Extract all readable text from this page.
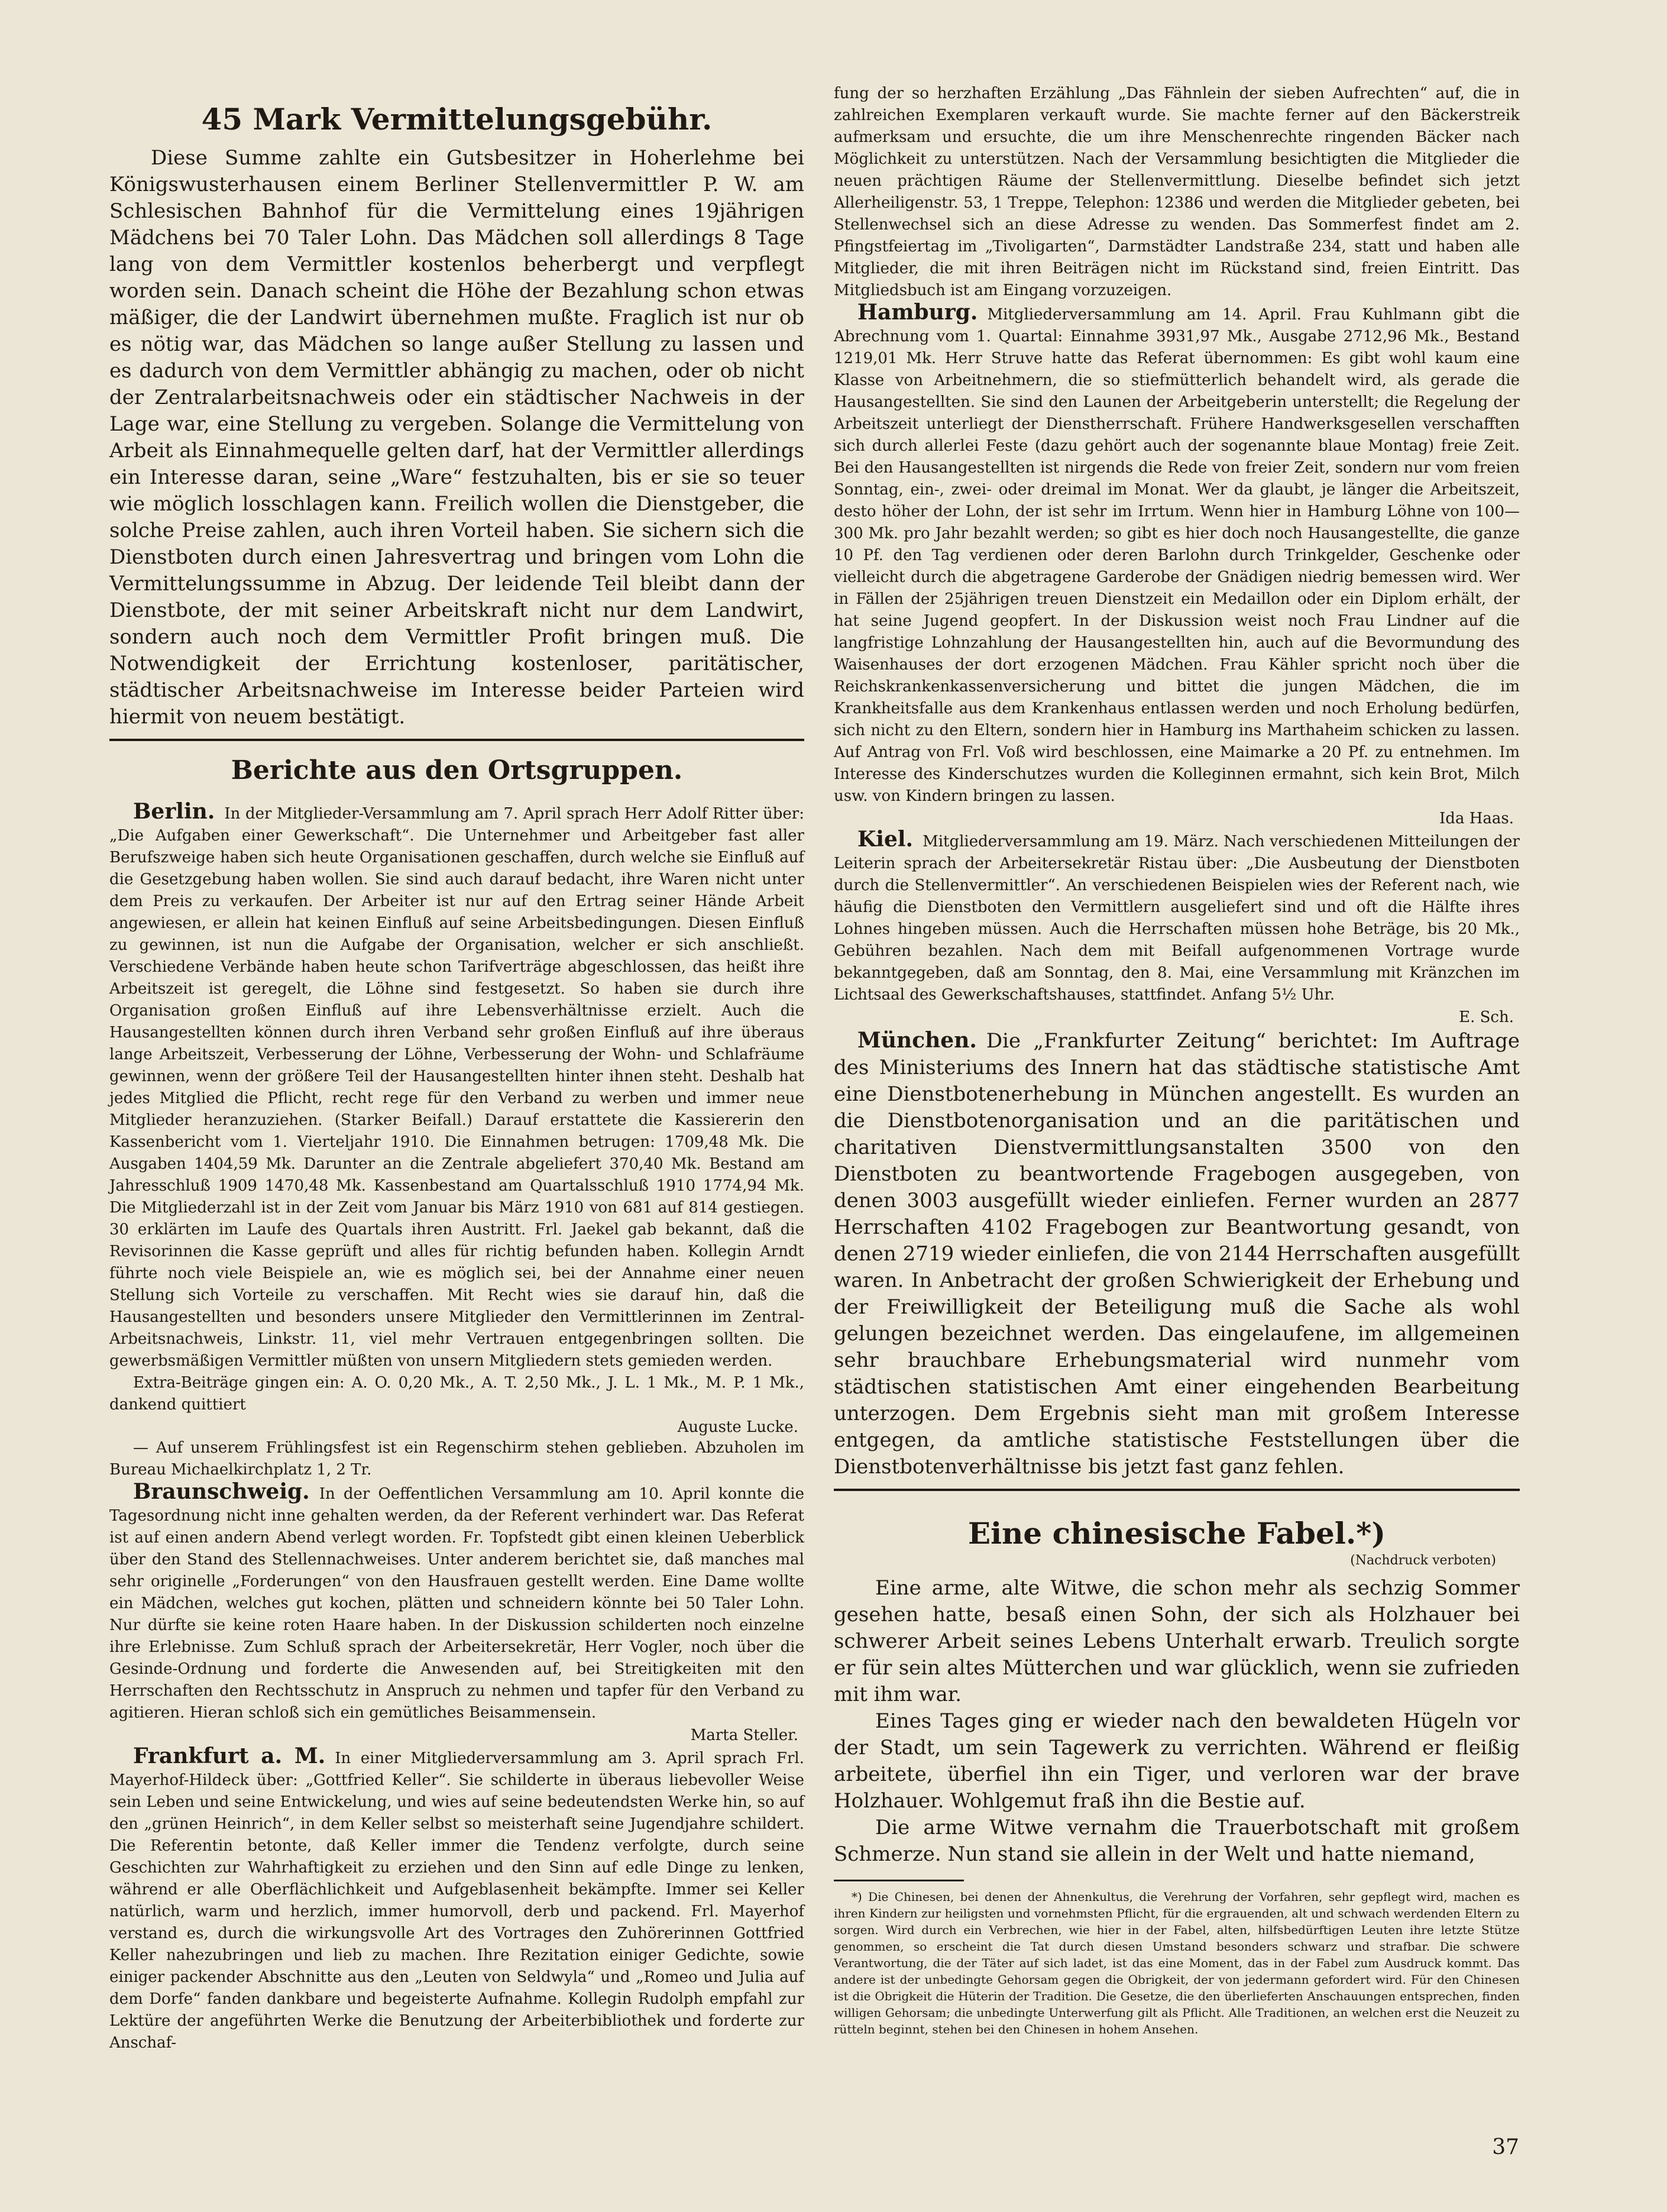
45 Mark Vermittelungsgebühr.

Diese Summe zahlte ein Gutsbesitzer in Hoherlehme bei Königswusterhausen einem Berliner Stellenvermittler P. W. am Schlesischen Bahnhof für die Vermittelung eines 19jährigen Mädchens bei 70 Taler Lohn. Das Mädchen soll allerdings 8 Tage lang von dem Vermittler kostenlos beherbergt und verpflegt worden sein. Danach scheint die Höhe der Bezahlung schon etwas mäßiger, die der Landwirt übernehmen mußte. Fraglich ist nur ob es nötig war, das Mädchen so lange außer Stellung zu lassen und es dadurch von dem Vermittler abhängig zu machen, oder ob nicht der Zentralarbeitsnachweis oder ein städtischer Nachweis in der Lage war, eine Stellung zu vergeben. Solange die Vermittelung von Arbeit als Einnahmequelle gelten darf, hat der Vermittler allerdings ein Interesse daran, seine „Ware“ festzuhalten, bis er sie so teuer wie möglich losschlagen kann. Freilich wollen die Dienstgeber, die solche Preise zahlen, auch ihren Vorteil haben. Sie sichern sich die Dienstboten durch einen Jahresvertrag und bringen vom Lohn die Vermittelungssumme in Abzug. Der leidende Teil bleibt dann der Dienstbote, der mit seiner Arbeitskraft nicht nur dem Landwirt, sondern auch noch dem Vermittler Profit bringen muß. Die Notwendigkeit der Errichtung kostenloser, paritätischer, städtischer Arbeitsnachweise im Interesse beider Parteien wird hiermit von neuem bestätigt.

Berichte aus den Ortsgruppen.

Berlin. In der Mitglieder-Versammlung am 7. April sprach Herr Adolf Ritter über: „Die Aufgaben einer Gewerkschaft“. Die Unternehmer und Arbeitgeber fast aller Berufszweige haben sich heute Organisationen geschaffen, durch welche sie Einfluß auf die Gesetzgebung haben wollen. Sie sind auch darauf bedacht, ihre Waren nicht unter dem Preis zu verkaufen. Der Arbeiter ist nur auf den Ertrag seiner Hände Arbeit angewiesen, er allein hat keinen Einfluß auf seine Arbeitsbedingungen. Diesen Einfluß zu gewinnen, ist nun die Aufgabe der Organisation, welcher er sich anschließt. Verschiedene Verbände haben heute schon Tarifverträge abgeschlossen, das heißt ihre Arbeitszeit ist geregelt, die Löhne sind festgesetzt. So haben sie durch ihre Organisation großen Einfluß auf ihre Lebensverhältnisse erzielt. Auch die Hausangestellten können durch ihren Verband sehr großen Einfluß auf ihre überaus lange Arbeitszeit, Verbesserung der Löhne, Verbesserung der Wohn- und Schlafräume gewinnen, wenn der größere Teil der Hausangestellten hinter ihnen steht. Deshalb hat jedes Mitglied die Pflicht, recht rege für den Verband zu werben und immer neue Mitglieder heranzuziehen. (Starker Beifall.) Darauf erstattete die Kassiererin den Kassenbericht vom 1. Vierteljahr 1910. Die Einnahmen betrugen: 1709,48 Mk. Die Ausgaben 1404,59 Mk. Darunter an die Zentrale abgeliefert 370,40 Mk. Bestand am Jahresschluß 1909 1470,48 Mk. Kassenbestand am Quartalsschluß 1910 1774,94 Mk. Die Mitgliederzahl ist in der Zeit vom Januar bis März 1910 von 681 auf 814 gestiegen. 30 erklärten im Laufe des Quartals ihren Austritt. Frl. Jaekel gab bekannt, daß die Revisorinnen die Kasse geprüft und alles für richtig befunden haben. Kollegin Arndt führte noch viele Beispiele an, wie es möglich sei, bei der Annahme einer neuen Stellung sich Vorteile zu verschaffen. Mit Recht wies sie darauf hin, daß die Hausangestellten und besonders unsere Mitglieder den Vermittlerinnen im Zentral-Arbeitsnachweis, Linkstr. 11, viel mehr Vertrauen entgegenbringen sollten. Die gewerbsmäßigen Vermittler müßten von unsern Mitgliedern stets gemieden werden.

Extra-Beiträge gingen ein: A. O. 0,20 Mk., A. T. 2,50 Mk., J. L. 1 Mk., M. P. 1 Mk., dankend quittiert

Auguste Lucke.

— Auf unserem Frühlingsfest ist ein Regenschirm stehen geblieben. Abzuholen im Bureau Michaelkirchplatz 1, 2 Tr.

Braunschweig. In der Oeffentlichen Versammlung am 10. April konnte die Tagesordnung nicht inne gehalten werden, da der Referent verhindert war. Das Referat ist auf einen andern Abend verlegt worden. Fr. Topfstedt gibt einen kleinen Ueberblick über den Stand des Stellennachweises. Unter anderem berichtet sie, daß manches mal sehr originelle „Forderungen“ von den Hausfrauen gestellt werden. Eine Dame wollte ein Mädchen, welches gut kochen, plätten und schneidern könnte bei 50 Taler Lohn. Nur dürfte sie keine roten Haare haben. In der Diskussion schilderten noch einzelne ihre Erlebnisse. Zum Schluß sprach der Arbeitersekretär, Herr Vogler, noch über die Gesinde-Ordnung und forderte die Anwesenden auf, bei Streitigkeiten mit den Herrschaften den Rechtsschutz in Anspruch zu nehmen und tapfer für den Verband zu agitieren. Hieran schloß sich ein gemütliches Beisammensein.

Marta Steller.

Frankfurt a. M. In einer Mitgliederversammlung am 3. April sprach Frl. Mayerhof-Hildeck über: „Gottfried Keller“. Sie schilderte in überaus liebevoller Weise sein Leben und seine Entwickelung, und wies auf seine bedeutendsten Werke hin, so auf den „grünen Heinrich“, in dem Keller selbst so meisterhaft seine Jugendjahre schildert. Die Referentin betonte, daß Keller immer die Tendenz verfolgte, durch seine Geschichten zur Wahrhaftigkeit zu erziehen und den Sinn auf edle Dinge zu lenken, während er alle Oberflächlichkeit und Aufgeblasenheit bekämpfte. Immer sei Keller natürlich, warm und herzlich, immer humorvoll, derb und packend. Frl. Mayerhof verstand es, durch die wirkungsvolle Art des Vortrages den Zuhörerinnen Gottfried Keller nahezubringen und lieb zu machen. Ihre Rezitation einiger Gedichte, sowie einiger packender Abschnitte aus den „Leuten von Seldwyla“ und „Romeo und Julia auf dem Dorfe“ fanden dankbare und begeisterte Aufnahme. Kollegin Rudolph empfahl zur Lektüre der angeführten Werke die Benutzung der Arbeiterbibliothek und forderte zur Anschaf-

fung der so herzhaften Erzählung „Das Fähnlein der sieben Aufrechten“ auf, die in zahlreichen Exemplaren verkauft wurde. Sie machte ferner auf den Bäckerstreik aufmerksam und ersuchte, die um ihre Menschenrechte ringenden Bäcker nach Möglichkeit zu unterstützen. Nach der Versammlung besichtigten die Mitglieder die neuen prächtigen Räume der Stellenvermittlung. Dieselbe befindet sich jetzt Allerheiligenstr. 53, 1 Treppe, Telephon: 12386 und werden die Mitglieder gebeten, bei Stellenwechsel sich an diese Adresse zu wenden. Das Sommerfest findet am 2. Pfingstfeiertag im „Tivoligarten“, Darmstädter Landstraße 234, statt und haben alle Mitglieder, die mit ihren Beiträgen nicht im Rückstand sind, freien Eintritt. Das Mitgliedsbuch ist am Eingang vorzuzeigen.

Hamburg. Mitgliederversammlung am 14. April. Frau Kuhlmann gibt die Abrechnung vom 1. Quartal: Einnahme 3931,97 Mk., Ausgabe 2712,96 Mk., Bestand 1219,01 Mk. Herr Struve hatte das Referat übernommen: Es gibt wohl kaum eine Klasse von Arbeitnehmern, die so stiefmütterlich behandelt wird, als gerade die Hausangestellten. Sie sind den Launen der Arbeitgeberin unterstellt; die Regelung der Arbeitszeit unterliegt der Dienstherrschaft. Frühere Handwerksgesellen verschafften sich durch allerlei Feste (dazu gehört auch der sogenannte blaue Montag) freie Zeit. Bei den Hausangestellten ist nirgends die Rede von freier Zeit, sondern nur vom freien Sonntag, ein-, zwei- oder dreimal im Monat. Wer da glaubt, je länger die Arbeitszeit, desto höher der Lohn, der ist sehr im Irrtum. Wenn hier in Hamburg Löhne von 100—300 Mk. pro Jahr bezahlt werden; so gibt es hier doch noch Hausangestellte, die ganze 10 Pf. den Tag verdienen oder deren Barlohn durch Trinkgelder, Geschenke oder vielleicht durch die abgetragene Garderobe der Gnädigen niedrig bemessen wird. Wer in Fällen der 25jährigen treuen Dienstzeit ein Medaillon oder ein Diplom erhält, der hat seine Jugend geopfert. In der Diskussion weist noch Frau Lindner auf die langfristige Lohnzahlung der Hausangestellten hin, auch auf die Bevormundung des Waisenhauses der dort erzogenen Mädchen. Frau Kähler spricht noch über die Reichskrankenkassenversicherung und bittet die jungen Mädchen, die im Krankheitsfalle aus dem Krankenhaus entlassen werden und noch Erholung bedürfen, sich nicht zu den Eltern, sondern hier in Hamburg ins Marthaheim schicken zu lassen. Auf Antrag von Frl. Voß wird beschlossen, eine Maimarke a 20 Pf. zu entnehmen. Im Interesse des Kinderschutzes wurden die Kolleginnen ermahnt, sich kein Brot, Milch usw. von Kindern bringen zu lassen.

Ida Haas.

Kiel. Mitgliederversammlung am 19. März. Nach verschiedenen Mitteilungen der Leiterin sprach der Arbeitersekretär Ristau über: „Die Ausbeutung der Dienstboten durch die Stellenvermittler“. An verschiedenen Beispielen wies der Referent nach, wie häufig die Dienstboten den Vermittlern ausgeliefert sind und oft die Hälfte ihres Lohnes hingeben müssen. Auch die Herrschaften müssen hohe Beträge, bis 20 Mk., Gebühren bezahlen. Nach dem mit Beifall aufgenommenen Vortrage wurde bekanntgegeben, daß am Sonntag, den 8. Mai, eine Versammlung mit Kränzchen im Lichtsaal des Gewerkschaftshauses, stattfindet. Anfang 5½ Uhr.

E. Sch.

München. Die „Frankfurter Zeitung“ berichtet: Im Auftrage des Ministeriums des Innern hat das städtische statistische Amt eine Dienstbotenerhebung in München angestellt. Es wurden an die Dienstbotenorganisation und an die paritätischen und charitativen Dienstvermittlungsanstalten 3500 von den Dienstboten zu beantwortende Fragebogen ausgegeben, von denen 3003 ausgefüllt wieder einliefen. Ferner wurden an 2877 Herrschaften 4102 Fragebogen zur Beantwortung gesandt, von denen 2719 wieder einliefen, die von 2144 Herrschaften ausgefüllt waren. In Anbetracht der großen Schwierigkeit der Erhebung und der Freiwilligkeit der Beteiligung muß die Sache als wohl gelungen bezeichnet werden. Das eingelaufene, im allgemeinen sehr brauchbare Erhebungsmaterial wird nunmehr vom städtischen statistischen Amt einer eingehenden Bearbeitung unterzogen. Dem Ergebnis sieht man mit großem Interesse entgegen, da amtliche statistische Feststellungen über die Dienstbotenverhältnisse bis jetzt fast ganz fehlen.

Eine chinesische Fabel.*)
(Nachdruck verboten)

Eine arme, alte Witwe, die schon mehr als sechzig Sommer gesehen hatte, besaß einen Sohn, der sich als Holzhauer bei schwerer Arbeit seines Lebens Unterhalt erwarb. Treulich sorgte er für sein altes Mütterchen und war glücklich, wenn sie zufrieden mit ihm war.

Eines Tages ging er wieder nach den bewaldeten Hügeln vor der Stadt, um sein Tagewerk zu verrichten. Während er fleißig arbeitete, überfiel ihn ein Tiger, und verloren war der brave Holzhauer. Wohlgemut fraß ihn die Bestie auf.

Die arme Witwe vernahm die Trauerbotschaft mit großem Schmerze. Nun stand sie allein in der Welt und hatte niemand,

*) Die Chinesen, bei denen der Ahnenkultus, die Verehrung der Vorfahren, sehr gepflegt wird, machen es ihren Kindern zur heiligsten und vornehmsten Pflicht, für die ergrauenden, alt und schwach werdenden Eltern zu sorgen. Wird durch ein Verbrechen, wie hier in der Fabel, alten, hilfsbedürftigen Leuten ihre letzte Stütze genommen, so erscheint die Tat durch diesen Umstand besonders schwarz und strafbar. Die schwere Verantwortung, die der Täter auf sich ladet, ist das eine Moment, das in der Fabel zum Ausdruck kommt. Das andere ist der unbedingte Gehorsam gegen die Obrigkeit, der von jedermann gefordert wird. Für den Chinesen ist die Obrigkeit die Hüterin der Tradition. Die Gesetze, die den überlieferten Anschauungen entsprechen, finden willigen Gehorsam; die unbedingte Unterwerfung gilt als Pflicht. Alle Traditionen, an welchen erst die Neuzeit zu rütteln beginnt, stehen bei den Chinesen in hohem Ansehen.

37
